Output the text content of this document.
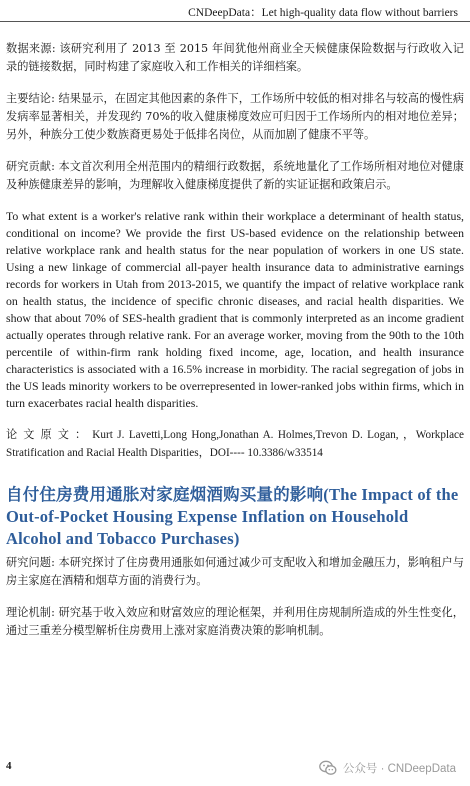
CNDeepData：Let high-quality data flow without barriers

数据来源: 该研究利用了 2013 至 2015 年间犹他州商业全天候健康保险数据与行政收入记录的链接数据，同时构建了家庭收入和工作相关的详细档案。

主要结论: 结果显示，在固定其他因素的条件下，工作场所中较低的相对排名与较高的慢性病发病率显著相关，并发现约 70%的收入健康梯度效应可归因于工作场所内的相对地位差异；另外，种族分工使少数族裔更易处于低排名岗位，从而加剧了健康不平等。

研究贡献: 本文首次利用全州范围内的精细行政数据，系统地量化了工作场所相对地位对健康及种族健康差异的影响，为理解收入健康梯度提供了新的实证证据和政策启示。

To what extent is a worker's relative rank within their workplace a determinant of health status, conditional on income? We provide the first US-based evidence on the relationship between relative workplace rank and health status for the near population of workers in one US state. Using a new linkage of commercial all-payer health insurance data to administrative earnings records for workers in Utah from 2013-2015, we quantify the impact of relative workplace rank on health status, the incidence of specific chronic diseases, and racial health disparities. We show that about 70% of SES-health gradient that is commonly interpreted as an income gradient actually operates through relative rank. For an average worker, moving from the 90th to the 10th percentile of within-firm rank holding fixed income, age, location, and health insurance characteristics is associated with a 16.5% increase in morbidity. The racial segregation of jobs in the US leads minority workers to be overrepresented in lower-ranked jobs within firms, which in turn exacerbates racial health disparities.

论 文 原 文 ： Kurt J. Lavetti,Long Hong,Jonathan A. Holmes,Trevon D. Logan, ，Workplace Stratification and Racial Health Disparities，DOI---- 10.3386/w33514

自付住房费用通胀对家庭烟酒购买量的影响(The Impact of the Out-of-Pocket Housing Expense Inflation on Household Alcohol and Tobacco Purchases)

研究问题: 本研究探讨了住房费用通胀如何通过减少可支配收入和增加金融压力，影响租户与房主家庭在酒精和烟草方面的消费行为。

理论机制: 研究基于收入效应和财富效应的理论框架，并利用住房规制所造成的外生性变化，通过三重差分模型解析住房费用上涨对家庭消费决策的影响机制。

4	公众号 · CNDeepData
